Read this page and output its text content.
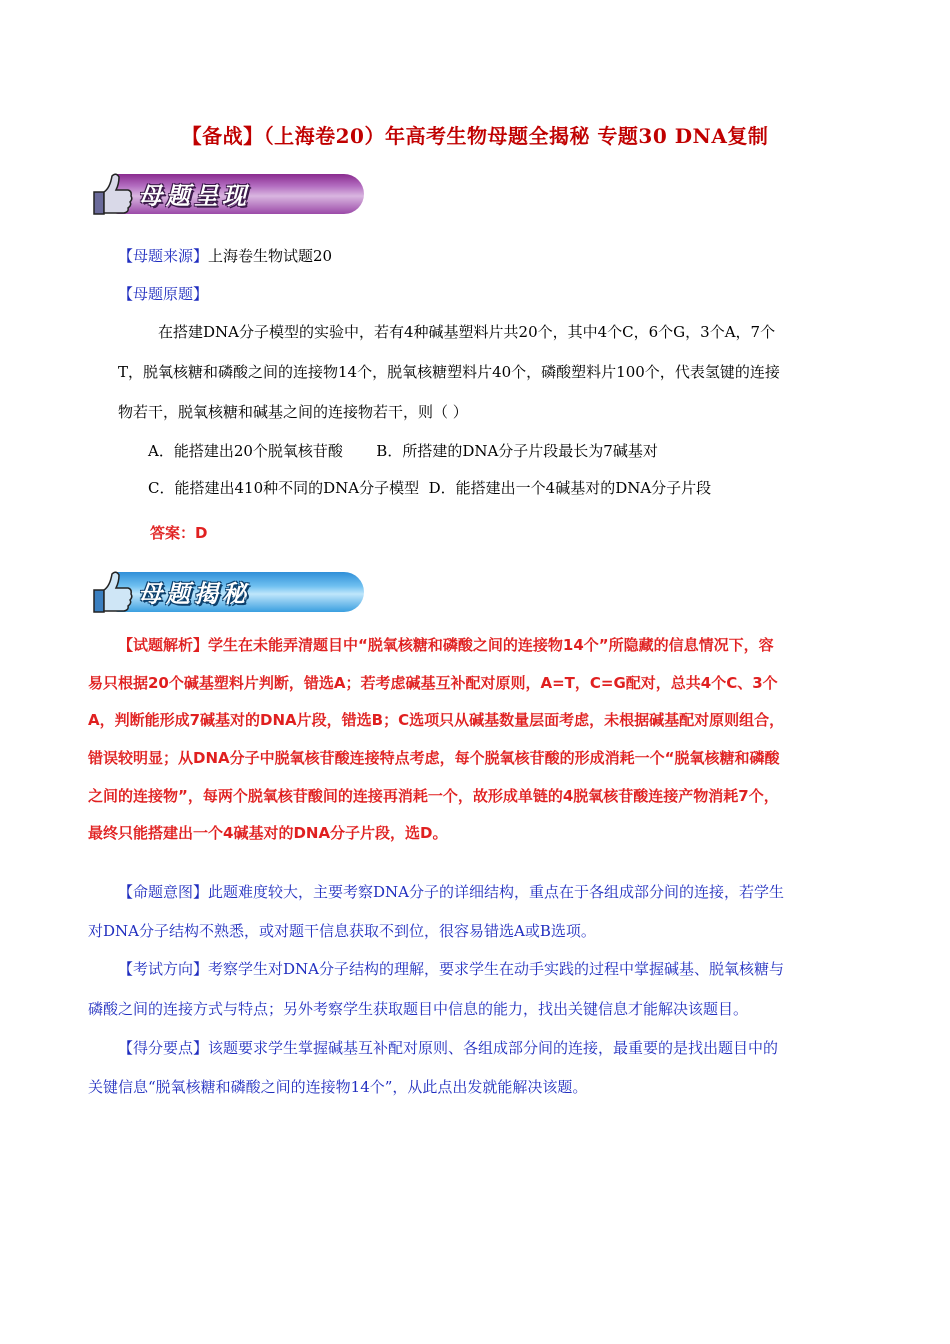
【备战】（上海卷20）年高考生物母题全揭秘 专题30 DNA复制
母题呈现
【母题来源】上海卷生物试题20
【母题原题】
在搭建DNA分子模型的实验中，若有4种碱基塑料片共20个，其中4个C，6个G，3个A，7个
T，脱氧核糖和磷酸之间的连接物14个，脱氧核糖塑料片40个，磷酸塑料片100个，代表氢键的连接
物若干，脱氧核糖和碱基之间的连接物若干，则（ ）
A．能搭建出20个脱氧核苷酸       B．所搭建的DNA分子片段最长为7碱基对
C．能搭建出410种不同的DNA分子模型  D．能搭建出一个4碱基对的DNA分子片段
答案：D
母题揭秘
【试题解析】学生在未能弄清题目中“脱氧核糖和磷酸之间的连接物14个”所隐藏的信息情况下，容
易只根据20个碱基塑料片判断，错选A；若考虑碱基互补配对原则，A=T，C=G配对，总共4个C、3个
A，判断能形成7碱基对的DNA片段，错选B；C选项只从碱基数量层面考虑，未根据碱基配对原则组合，
错误较明显；从DNA分子中脱氧核苷酸连接特点考虑，每个脱氧核苷酸的形成消耗一个“脱氧核糖和磷酸
之间的连接物”，每两个脱氧核苷酸间的连接再消耗一个，故形成单链的4脱氧核苷酸连接产物消耗7个，
最终只能搭建出一个4碱基对的DNA分子片段，选D。
【命题意图】此题难度较大，主要考察DNA分子的详细结构，重点在于各组成部分间的连接，若学生
对DNA分子结构不熟悉，或对题干信息获取不到位，很容易错选A或B选项。
【考试方向】考察学生对DNA分子结构的理解，要求学生在动手实践的过程中掌握碱基、脱氧核糖与
磷酸之间的连接方式与特点；另外考察学生获取题目中信息的能力，找出关键信息才能解决该题目。
【得分要点】该题要求学生掌握碱基互补配对原则、各组成部分间的连接，最重要的是找出题目中的
关键信息“脱氧核糖和磷酸之间的连接物14个”，从此点出发就能解决该题。
